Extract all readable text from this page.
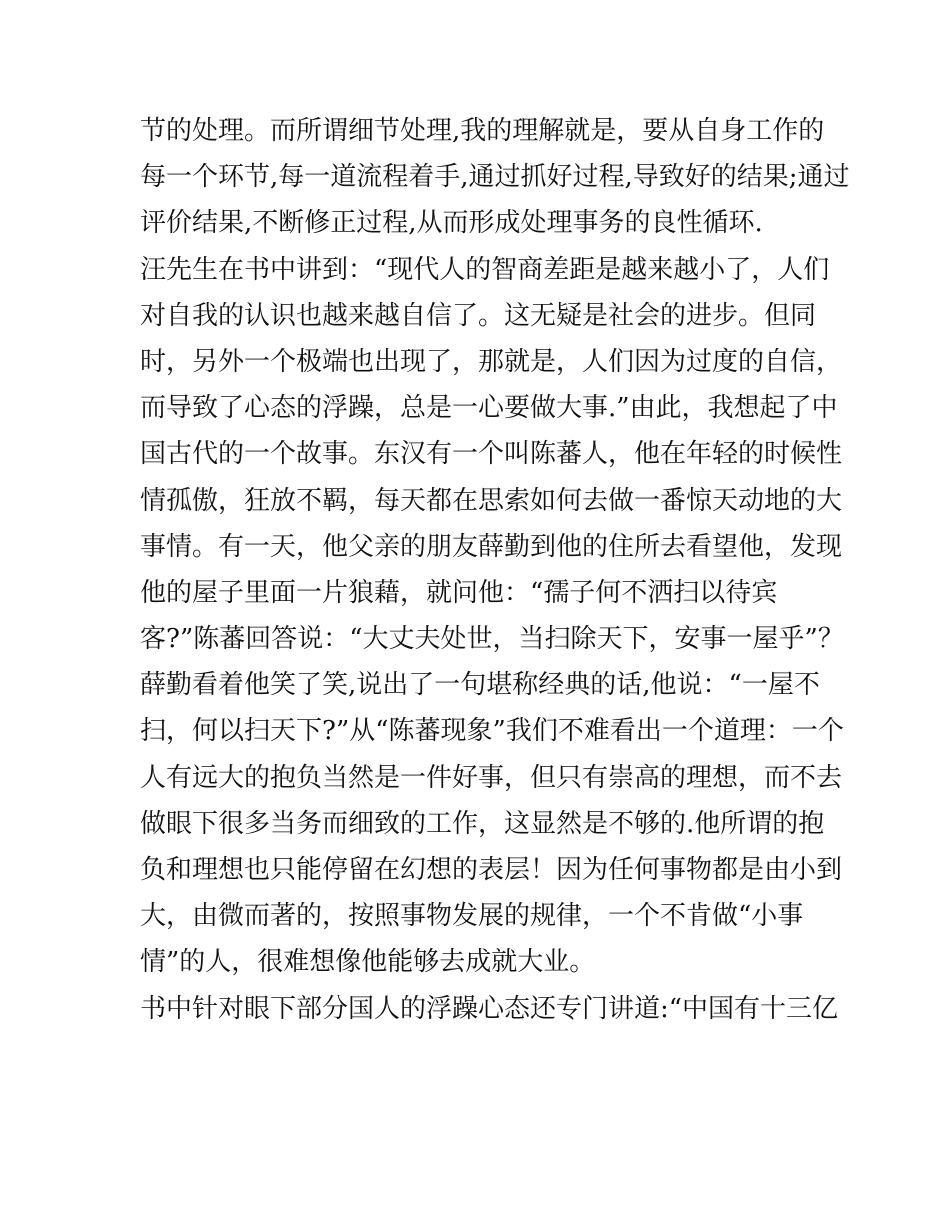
节的处理。而所谓细节处理,我的理解就是，要从自身工作的
每一个环节,每一道流程着手,通过抓好过程,导致好的结果;通过
评价结果,不断修正过程,从而形成处理事务的良性循环.
汪先生在书中讲到：“现代人的智商差距是越来越小了，人们
对自我的认识也越来越自信了。这无疑是社会的进步。但同
时，另外一个极端也出现了，那就是，人们因为过度的自信，
而导致了心态的浮躁，总是一心要做大事.”由此，我想起了中
国古代的一个故事。东汉有一个叫陈蕃人，他在年轻的时候性
情孤傲，狂放不羁，每天都在思索如何去做一番惊天动地的大
事情。有一天，他父亲的朋友薛勤到他的住所去看望他，发现
他的屋子里面一片狼藉，就问他：“孺子何不洒扫以待宾
客?”陈蕃回答说：“大丈夫处世，当扫除天下，安事一屋乎”？
薛勤看着他笑了笑,说出了一句堪称经典的话,他说：“一屋不
扫，何以扫天下?”从“陈蕃现象”我们不难看出一个道理：一个
人有远大的抱负当然是一件好事，但只有崇高的理想，而不去
做眼下很多当务而细致的工作，这显然是不够的.他所谓的抱
负和理想也只能停留在幻想的表层！因为任何事物都是由小到
大，由微而著的，按照事物发展的规律，一个不肯做“小事
情”的人，很难想像他能够去成就大业。
书中针对眼下部分国人的浮躁心态还专门讲道:“中国有十三亿
